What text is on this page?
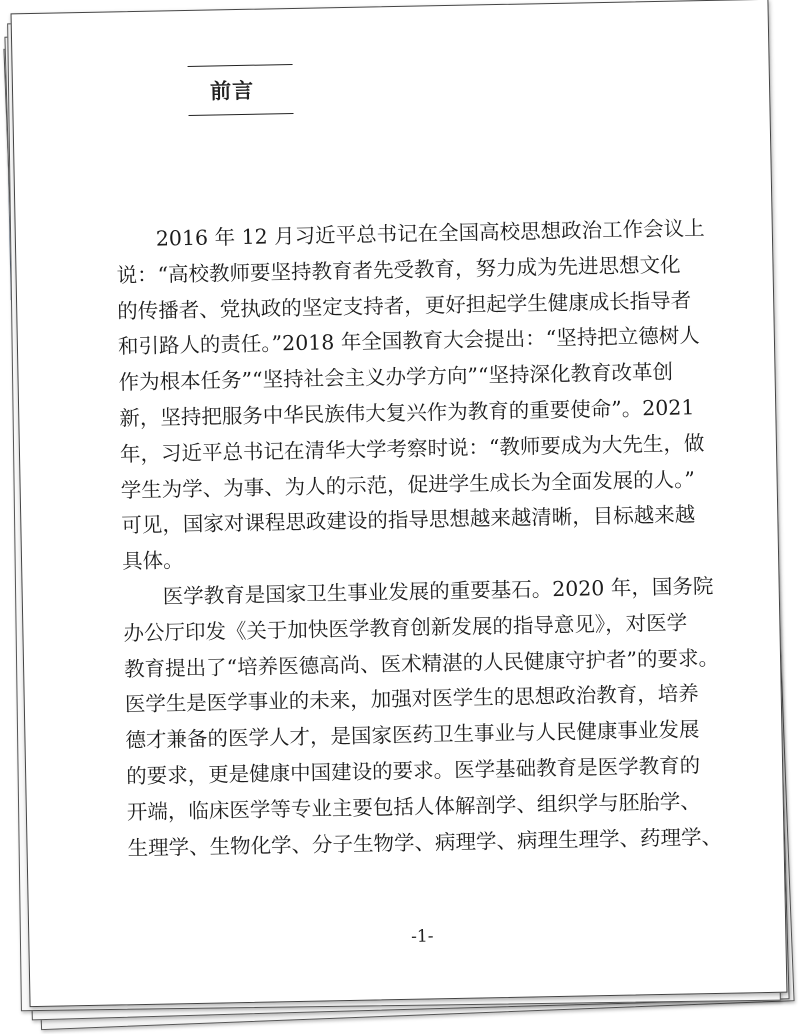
前言
2016 年 12 月习近平总书记在全国高校思想政治工作会议上
说：“高校教师要坚持教育者先受教育，努力成为先进思想文化
的传播者、党执政的坚定支持者，更好担起学生健康成长指导者
和引路人的责任。”2018 年全国教育大会提出：“坚持把立德树人
作为根本任务”“坚持社会主义办学方向”“坚持深化教育改革创
新，坚持把服务中华民族伟大复兴作为教育的重要使命”。2021
年，习近平总书记在清华大学考察时说：“教师要成为大先生，做
学生为学、为事、为人的示范，促进学生成长为全面发展的人。”
可见，国家对课程思政建设的指导思想越来越清晰，目标越来越
具体。
医学教育是国家卫生事业发展的重要基石。2020 年，国务院
办公厅印发《关于加快医学教育创新发展的指导意见》，对医学
教育提出了“培养医德高尚、医术精湛的人民健康守护者”的要求。
医学生是医学事业的未来，加强对医学生的思想政治教育，培养
德才兼备的医学人才，是国家医药卫生事业与人民健康事业发展
的要求，更是健康中国建设的要求。医学基础教育是医学教育的
开端，临床医学等专业主要包括人体解剖学、组织学与胚胎学、
生理学、生物化学、分子生物学、病理学、病理生理学、药理学、
-1-
